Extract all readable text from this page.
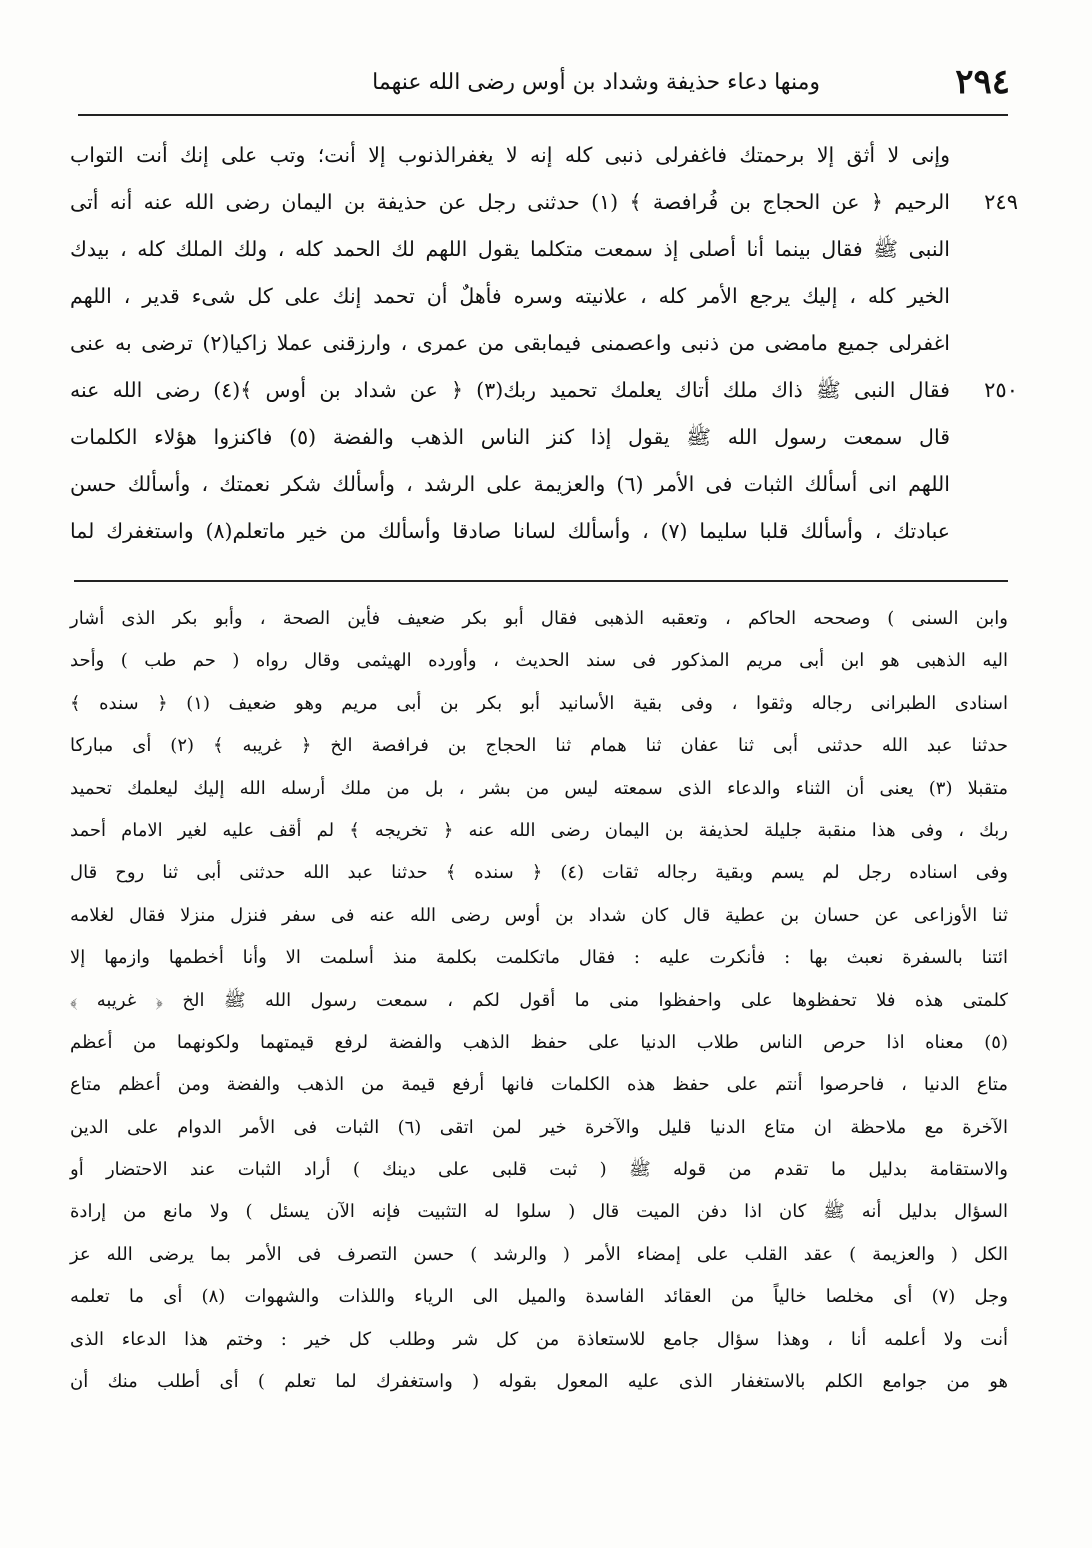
٢٩٤
ومنها دعاء حذيفة وشداد بن أوس رضى الله عنهما
وإنى لا أثق إلا برحمتك فاغفرلى ذنبى كله إنه لا يغفرالذنوب إلا أنت؛ وتب على إنك أنت التواب
٢٤٩
الرحيم ﴿ عن الحجاج بن فُرافصة ﴾ (١) حدثنى رجل عن حذيفة بن اليمان رضى الله عنه أنه أتى
النبى ﷺ فقال بينما أنا أصلى إذ سمعت متكلما يقول اللهم لك الحمد كله ، ولك الملك كله ، بيدك
الخير كله ، إليك يرجع الأمر كله ، علانيته وسره فأهلٌ أن تحمد إنك على كل شىء قدير ، اللهم
اغفرلى جميع مامضى من ذنبى واعصمنى فيمابقى من عمرى ، وارزقنى عملا زاكيا(٢) ترضى به عنى
٢٥٠
فقال النبى ﷺ ذاك ملك أتاك يعلمك تحميد ربك(٣) ﴿ عن شداد بن أوس ﴾(٤) رضى الله عنه
قال سمعت رسول الله ﷺ يقول إذا كنز الناس الذهب والفضة (٥) فاكنزوا هؤلاء الكلمات
اللهم انى أسألك الثبات فى الأمر (٦) والعزيمة على الرشد ، وأسألك شكر نعمتك ، وأسألك حسن
عبادتك ، وأسألك قلبا سليما (٧) ، وأسألك لسانا صادقا وأسألك من خير ماتعلم(٨) واستغفرك لما
وابن السنى ) وصححه الحاكم ، وتعقبه الذهبى فقال أبو بكر ضعيف فأين الصحة ، وأبو بكر الذى أشار
اليه الذهبى هو ابن أبى مريم المذكور فى سند الحديث ، وأورده الهيثمى وقال رواه ( حم طب ) وأحد
اسنادى الطبرانى رجاله وثقوا ، وفى بقية الأسانيد أبو بكر بن أبى مريم وهو ضعيف (١) ﴿ سنده ﴾
حدثنا عبد الله حدثنى أبى ثنا عفان ثنا همام ثنا الحجاج بن فرافصة الخ ﴿ غريبه ﴾ (٢) أى مباركا
متقبلا (٣) يعنى أن الثناء والدعاء الذى سمعته ليس من بشر ، بل من ملك أرسله الله إليك ليعلمك تحميد
ربك ، وفى هذا منقبة جليلة لحذيفة بن اليمان رضى الله عنه ﴿ تخريجه ﴾ لم أقف عليه لغير الامام أحمد
وفى اسناده رجل لم يسم وبقية رجاله ثقات (٤) ﴿ سنده ﴾ حدثنا عبد الله حدثنى أبى ثنا روح قال
ثنا الأوزاعى عن حسان بن عطية قال كان شداد بن أوس رضى الله عنه فى سفر فنزل منزلا فقال لغلامه
ائتنا بالسفرة نعبث بها : فأنكرت عليه : فقال ماتكلمت بكلمة منذ أسلمت الا وأنا أخطمها وازمها إلا
كلمتى هذه فلا تحفظوها على واحفظوا منى ما أقول لكم ، سمعت رسول الله ﷺ الخ ﴿ غريبه ﴾
(٥) معناه اذا حرص الناس طلاب الدنيا على حفظ الذهب والفضة لرفع قيمتهما ولكونهما من أعظم
متاع الدنيا ، فاحرصوا أنتم على حفظ هذه الكلمات فانها أرفع قيمة من الذهب والفضة ومن أعظم متاع
الآخرة مع ملاحظة ان متاع الدنيا قليل والآخرة خير لمن اتقى (٦) الثبات فى الأمر الدوام على الدين
والاستقامة بدليل ما تقدم من قوله ﷺ ( ثبت قلبى على دينك ) أراد الثبات عند الاحتضار أو
السؤال بدليل أنه ﷺ كان اذا دفن الميت قال ( سلوا له التثبيت فإنه الآن يسئل ) ولا مانع من إرادة
الكل ( والعزيمة ) عقد القلب على إمضاء الأمر ( والرشد ) حسن التصرف فى الأمر بما يرضى الله عز
وجل (٧) أى مخلصا خالياً من العقائد الفاسدة والميل الى الرياء واللذات والشهوات (٨) أى ما تعلمه
أنت ولا أعلمه أنا ، وهذا سؤال جامع للاستعاذة من كل شر وطلب كل خير : وختم هذا الدعاء الذى
هو من جوامع الكلم بالاستغفار الذى عليه المعول بقوله ( واستغفرك لما تعلم ) أى أطلب منك أن
